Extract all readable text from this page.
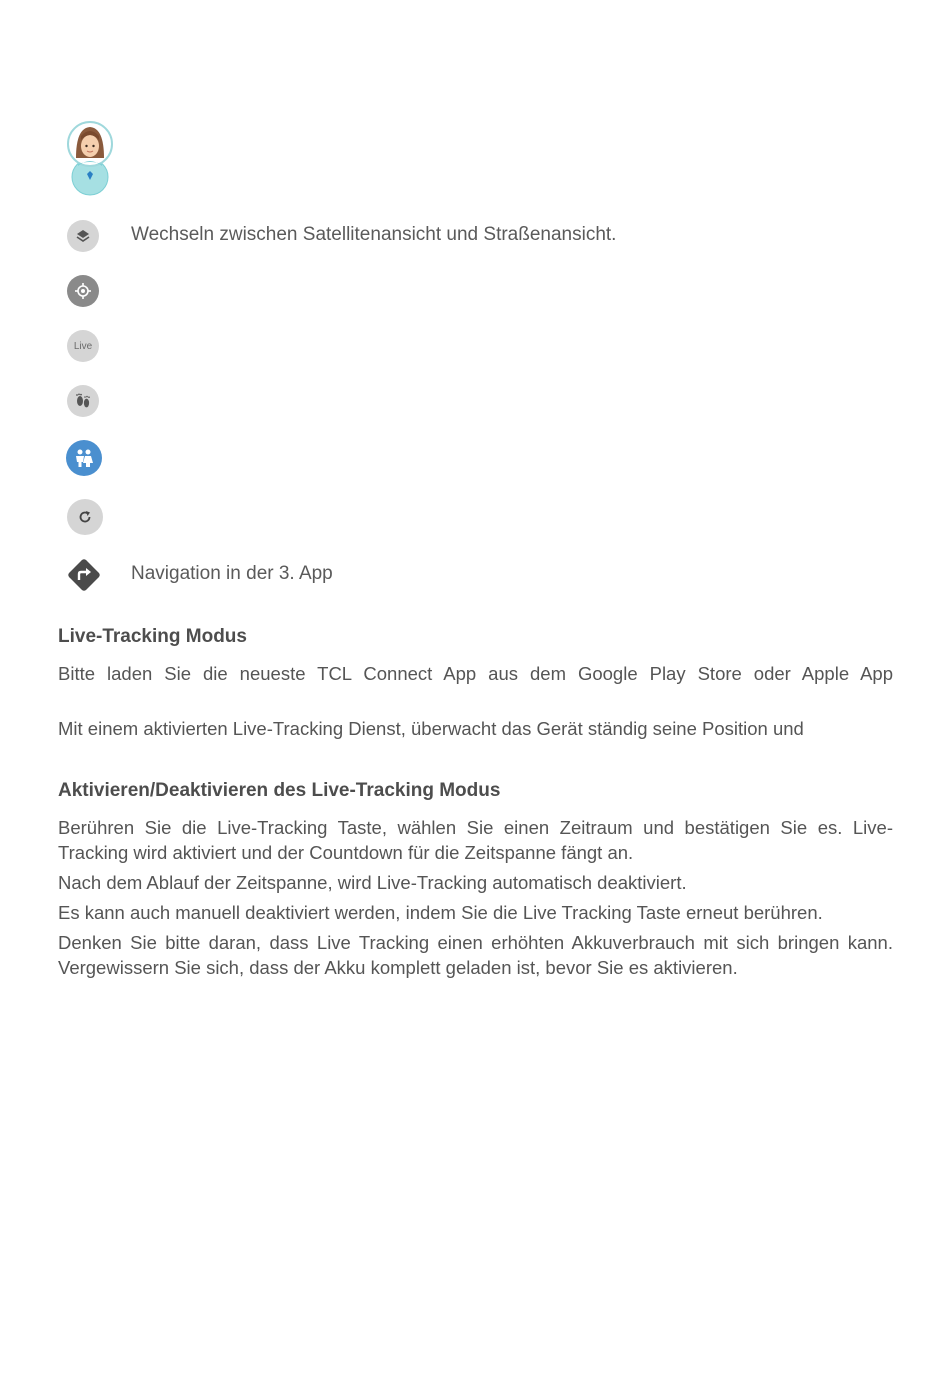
Wechseln zwischen Satellitenansicht und Straßenansicht.
Live
Navigation in der 3. App
Live-Tracking Modus
Bitte laden Sie die neueste TCL Connect App aus dem Google Play Store oder Apple App
Mit einem aktivierten Live-Tracking Dienst, überwacht das Gerät ständig seine Position und
Aktivieren/Deaktivieren des Live-Tracking Modus
Berühren Sie die Live-Tracking Taste, wählen Sie einen Zeitraum und bestätigen Sie es. Live-Tracking wird aktiviert und der Countdown für die Zeitspanne fängt an.
Nach dem Ablauf der Zeitspanne, wird Live-Tracking automatisch deaktiviert.
Es kann auch manuell deaktiviert werden, indem Sie die Live Tracking Taste erneut berühren.
Denken Sie bitte daran, dass Live Tracking einen erhöhten Akkuverbrauch mit sich bringen kann. Vergewissern Sie sich, dass der Akku komplett geladen ist, bevor Sie es aktivieren.
